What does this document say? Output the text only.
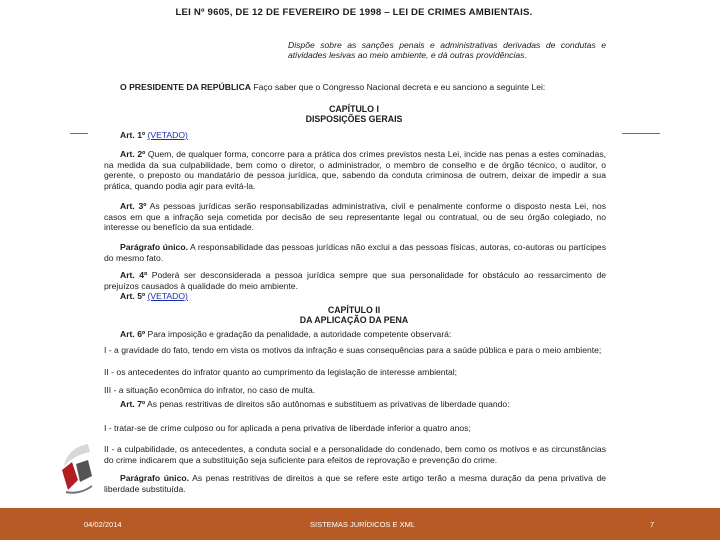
LEI Nº 9605, DE 12 DE FEVEREIRO DE 1998 – LEI DE CRIMES AMBIENTAIS.

Dispõe sobre as sanções penais e administrativas derivadas de condutas e atividades lesivas ao meio ambiente, e dá outras providências.

O PRESIDENTE DA REPÚBLICA Faço saber que o Congresso Nacional decreta e eu sanciono a seguinte Lei:

CAPÍTULO I

DISPOSIÇÕES GERAIS

Art. 1º (VETADO)

Art. 2º Quem, de qualquer forma, concorre para a prática dos crimes previstos nesta Lei, incide nas penas a estes cominadas, na medida da sua culpabilidade, bem como o diretor, o administrador, o membro de conselho e de órgão técnico, o auditor, o gerente, o preposto ou mandatário de pessoa jurídica, que, sabendo da conduta criminosa de outrem, deixar de impedir a sua prática, quando podia agir para evitá-la.

Art. 3º As pessoas jurídicas serão responsabilizadas administrativa, civil e penalmente conforme o disposto nesta Lei, nos casos em que a infração seja cometida por decisão de seu representante legal ou contratual, ou de seu órgão colegiado, no interesse ou benefício da sua entidade.

Parágrafo único. A responsabilidade das pessoas jurídicas não exclui a das pessoas físicas, autoras, co-autoras ou partícipes do mesmo fato.

Art. 4º Poderá ser desconsiderada a pessoa jurídica sempre que sua personalidade for obstáculo ao ressarcimento de prejuízos causados à qualidade do meio ambiente.

Art. 5º (VETADO)

CAPÍTULO II

DA APLICAÇÃO DA PENA

Art. 6º Para imposição e gradação da penalidade, a autoridade competente observará:

I - a gravidade do fato, tendo em vista os motivos da infração e suas consequências para a saúde pública e para o meio ambiente;

II - os antecedentes do infrator quanto ao cumprimento da legislação de interesse ambiental;

III - a situação econômica do infrator, no caso de multa.

Art. 7º As penas restritivas de direitos são autônomas e substituem as privativas de liberdade quando:

I - tratar-se de crime culposo ou for aplicada a pena privativa de liberdade inferior a quatro anos;

II - a culpabilidade, os antecedentes, a conduta social e a personalidade do condenado, bem como os motivos e as circunstâncias do crime indicarem que a substituição seja suficiente para efeitos de reprovação e prevenção do crime.

Parágrafo único. As penas restritivas de direitos a que se refere este artigo terão a mesma duração da pena privativa de liberdade substituída.

04/02/2014	SISTEMAS JURÍDICOS E XML	7
